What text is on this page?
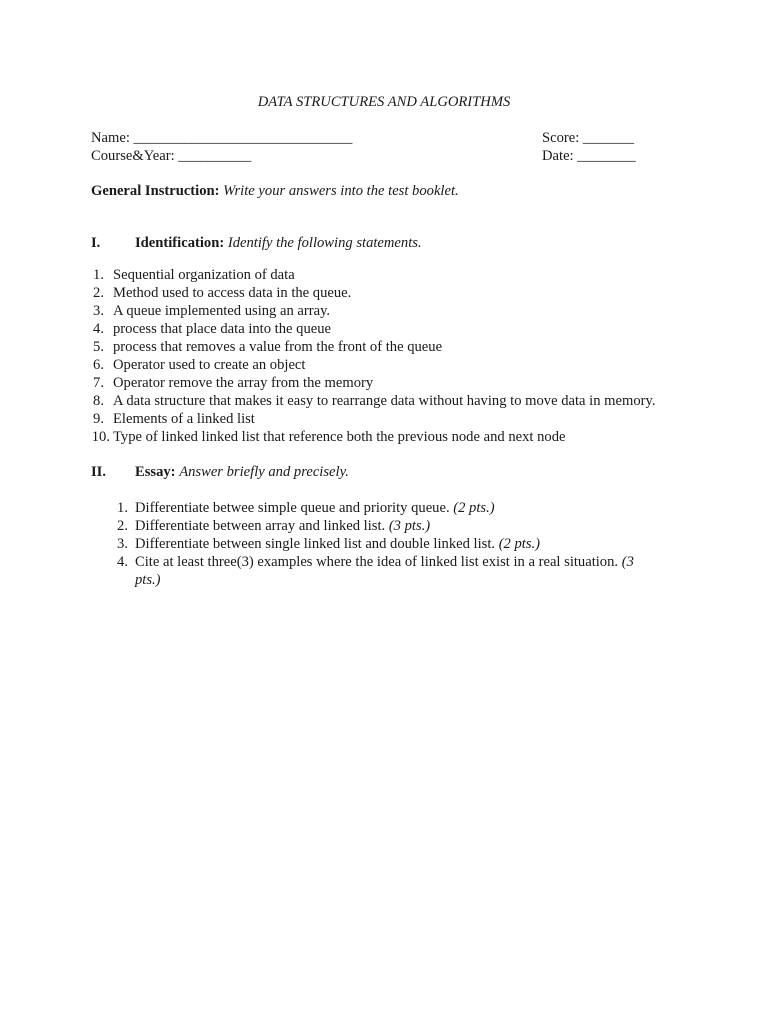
DATA STRUCTURES AND ALGORITHMS
Name: ______________________________	Score: _______
Course&Year: __________	Date: ________
General Instruction: Write your answers into the test booklet.
I. Identification: Identify the following statements.
1. Sequential organization of data
2. Method used to access data in the queue.
3. A queue implemented using an array.
4. process that place data into the queue
5. process that removes a value from the front of the queue
6. Operator used to create an object
7. Operator remove the array from the memory
8. A data structure that makes it easy to rearrange data without having to move data in memory.
9. Elements of a linked list
10. Type of linked linked list that reference both the previous node and next node
II. Essay: Answer briefly and precisely.
1. Differentiate betwee simple queue and priority queue. (2 pts.)
2. Differentiate between array and linked list. (3 pts.)
3. Differentiate between single linked list and double linked list. (2 pts.)
4. Cite at least three(3) examples where the idea of linked list exist in a real situation. (3 pts.)
